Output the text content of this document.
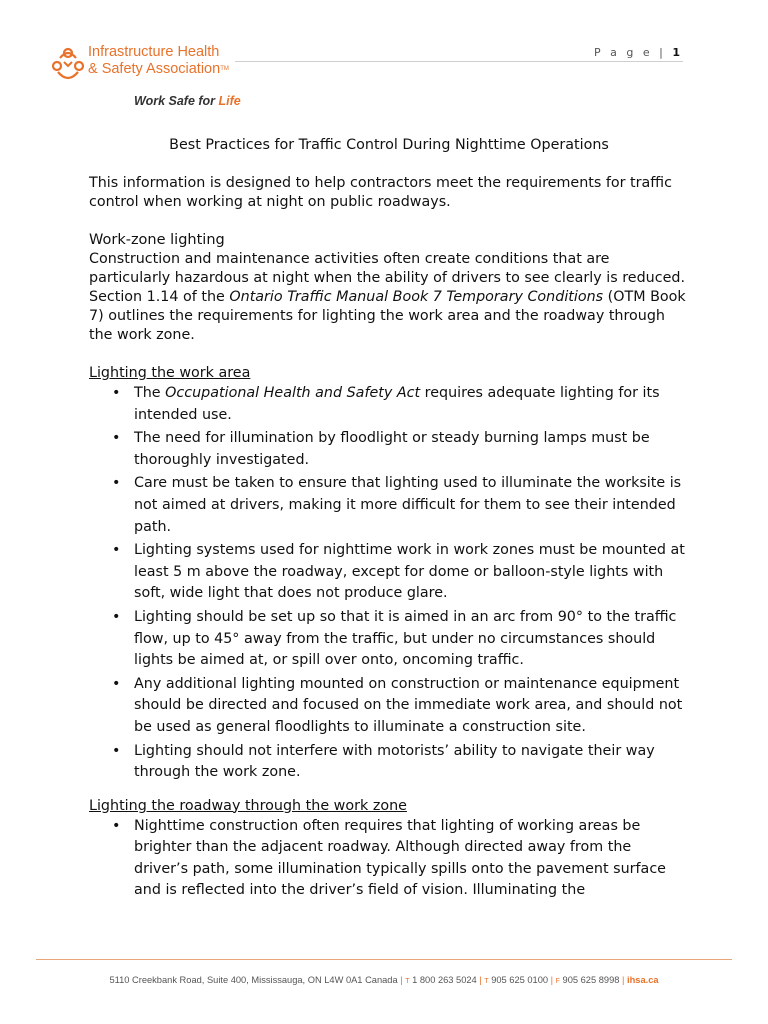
Infrastructure Health
& Safety Association™
Work Safe for Life
P a g e | 1
Best Practices for Traffic Control During Nighttime Operations

This information is designed to help contractors meet the requirements for traffic control when working at night on public roadways.

Work-zone lighting

Construction and maintenance activities often create conditions that are particularly hazardous at night when the ability of drivers to see clearly is reduced. Section 1.14 of the Ontario Traffic Manual Book 7 Temporary Conditions (OTM Book 7) outlines the requirements for lighting the work area and the roadway through the work zone.

Lighting the work area
• The Occupational Health and Safety Act requires adequate lighting for its intended use.
• The need for illumination by floodlight or steady burning lamps must be thoroughly investigated.
• Care must be taken to ensure that lighting used to illuminate the worksite is not aimed at drivers, making it more difficult for them to see their intended path.
• Lighting systems used for nighttime work in work zones must be mounted at least 5 m above the roadway, except for dome or balloon-style lights with soft, wide light that does not produce glare.
• Lighting should be set up so that it is aimed in an arc from 90° to the traffic flow, up to 45° away from the traffic, but under no circumstances should lights be aimed at, or spill over onto, oncoming traffic.
• Any additional lighting mounted on construction or maintenance equipment should be directed and focused on the immediate work area, and should not be used as general floodlights to illuminate a construction site.
• Lighting should not interfere with motorists’ ability to navigate their way through the work zone.
Lighting the roadway through the work zone
• Nighttime construction often requires that lighting of working areas be brighter than the adjacent roadway. Although directed away from the driver’s path, some illumination typically spills onto the pavement surface and is reflected into the driver’s field of vision. Illuminating the
5110 Creekbank Road, Suite 400, Mississauga, ON L4W 0A1 Canada | T 1 800 263 5024 | T 905 625 0100 | F 905 625 8998 | ihsa.ca
